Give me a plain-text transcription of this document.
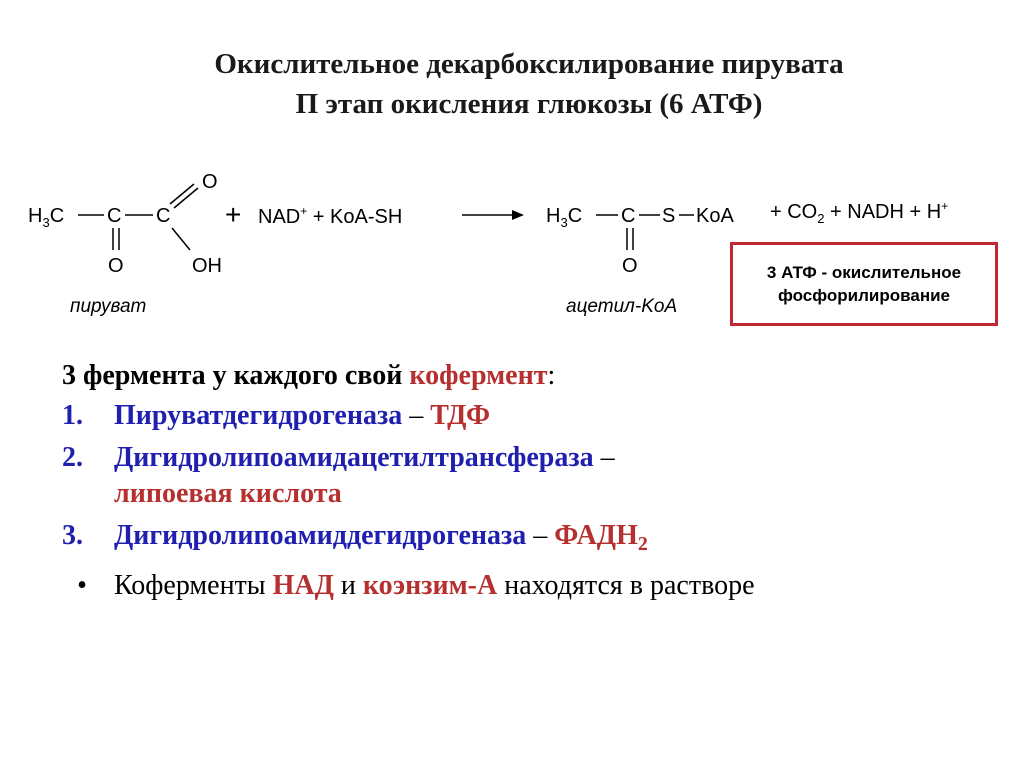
Окислительное декарбоксилирование пирувата
П этап окисления глюкозы (6 АТФ)
$H_3C$ C C
O
O
OH
пируват
+ NAD+ + KoA-SH	$H_3C$ C S KoA
O
ацетил-KoA
+ $CO_2$ + NADH + H+
3 АТФ - окислительное
фосфорилирование
3 фермента у каждого свой кофермент:
1.	Пируватдегидрогеназа – ТДФ
2.	Дигидролипоамидацетилтрансфераза –
липоевая кислота
3.	Дигидролипоамиддегидрогеназа – $ФАДН_2$
• Коферменты НАД и коэнзим-А находятся в растворе
